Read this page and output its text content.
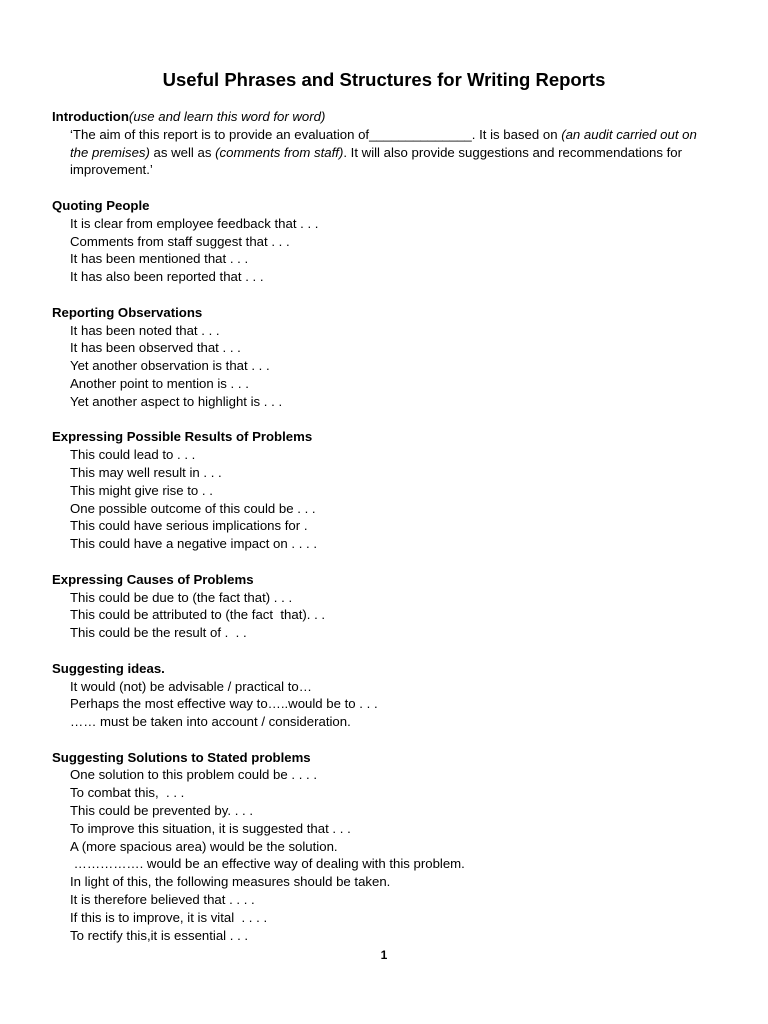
Useful Phrases and Structures for Writing Reports

Introduction(use and learn this word for word)

‘The aim of this report is to provide an evaluation of______________. It is based on (an audit carried out on the premises) as well as (comments from staff). It will also provide suggestions and recommendations for improvement.’

Quoting People

It is clear from employee feedback that . . .
Comments from staff suggest that . . .
It has been mentioned that . . .
It has also been reported that . . .

Reporting Observations

It has been noted that . . .
It has been observed that . . .
Yet another observation is that . . .
Another point to mention is . . .
Yet another aspect to highlight is . . .

Expressing Possible Results of Problems

This could lead to . . .
This may well result in . . .
This might give rise to . .
One possible outcome of this could be . . .
This could have serious implications for .
This could have a negative impact on . . . .

Expressing Causes of Problems

This could be due to (the fact that) . . .
This could be attributed to (the fact  that). . .
This could be the result of .  . .

Suggesting ideas.

It would (not) be advisable / practical to…
Perhaps the most effective way to…..would be to . . .
…… must be taken into account / consideration.

Suggesting Solutions to Stated problems

One solution to this problem could be . . . .
To combat this,  . . .
This could be prevented by. . . .
To improve this situation, it is suggested that . . .
A (more spacious area) would be the solution.
……………. would be an effective way of dealing with this problem.
In light of this, the following measures should be taken.
It is therefore believed that . . . .
If this is to improve, it is vital  . . . .
To rectify this,it is essential . . .
1
